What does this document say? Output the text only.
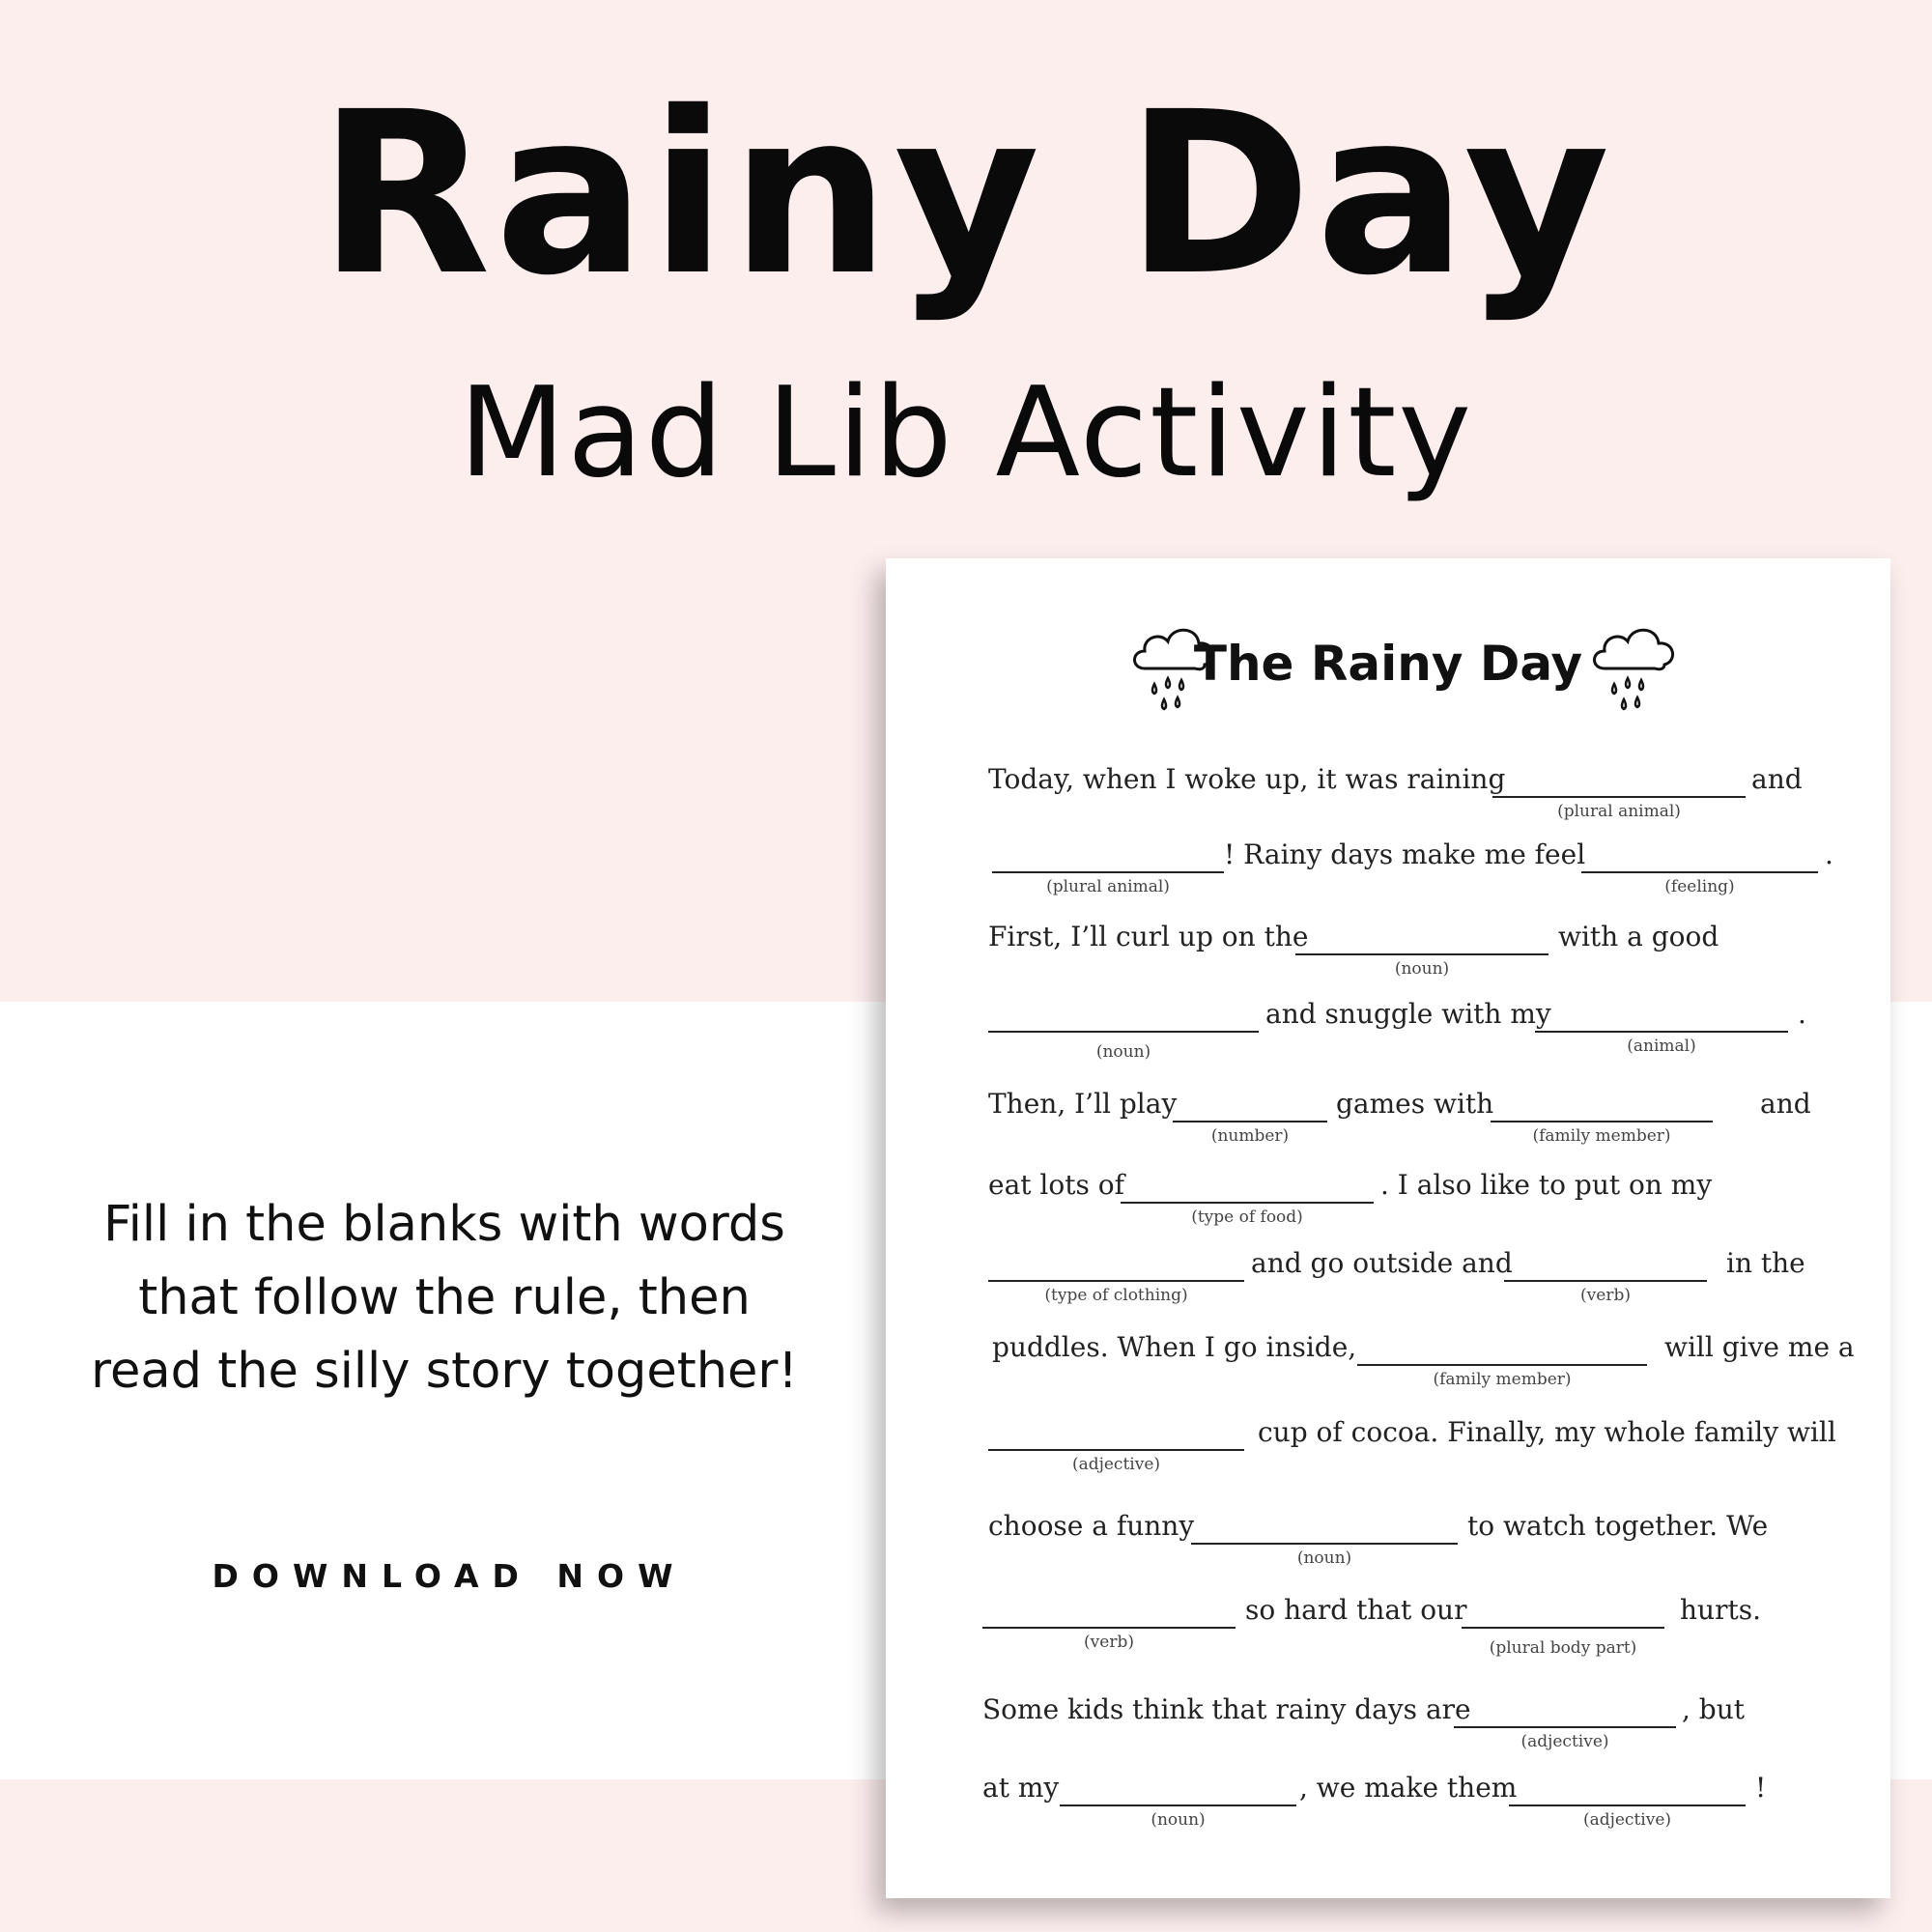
Rainy Day
Mad Lib Activity
Fill in the blanks with words
that follow the rule, then
read the silly story together!
DOWNLOAD NOW
The Rainy Day
Today, when I woke up, it was raining
(plural animal)
and
(plural animal)
! Rainy days make me feel
(feeling)
.
First, I’ll curl up on the
(noun)
with a good
(noun)
and snuggle with my
(animal)
.
Then, I’ll play
(number)
games with
(family member)
and
eat lots of
(type of food)
. I also like to put on my
(type of clothing)
and go outside and
(verb)
in the
puddles. When I go inside,
(family member)
will give me a
(adjective)
cup of cocoa. Finally, my whole family will
choose a funny
(noun)
to watch together. We
(verb)
so hard that our
(plural body part)
hurts.
Some kids think that rainy days are
(adjective)
, but
at my
(noun)
, we make them
(adjective)
!
